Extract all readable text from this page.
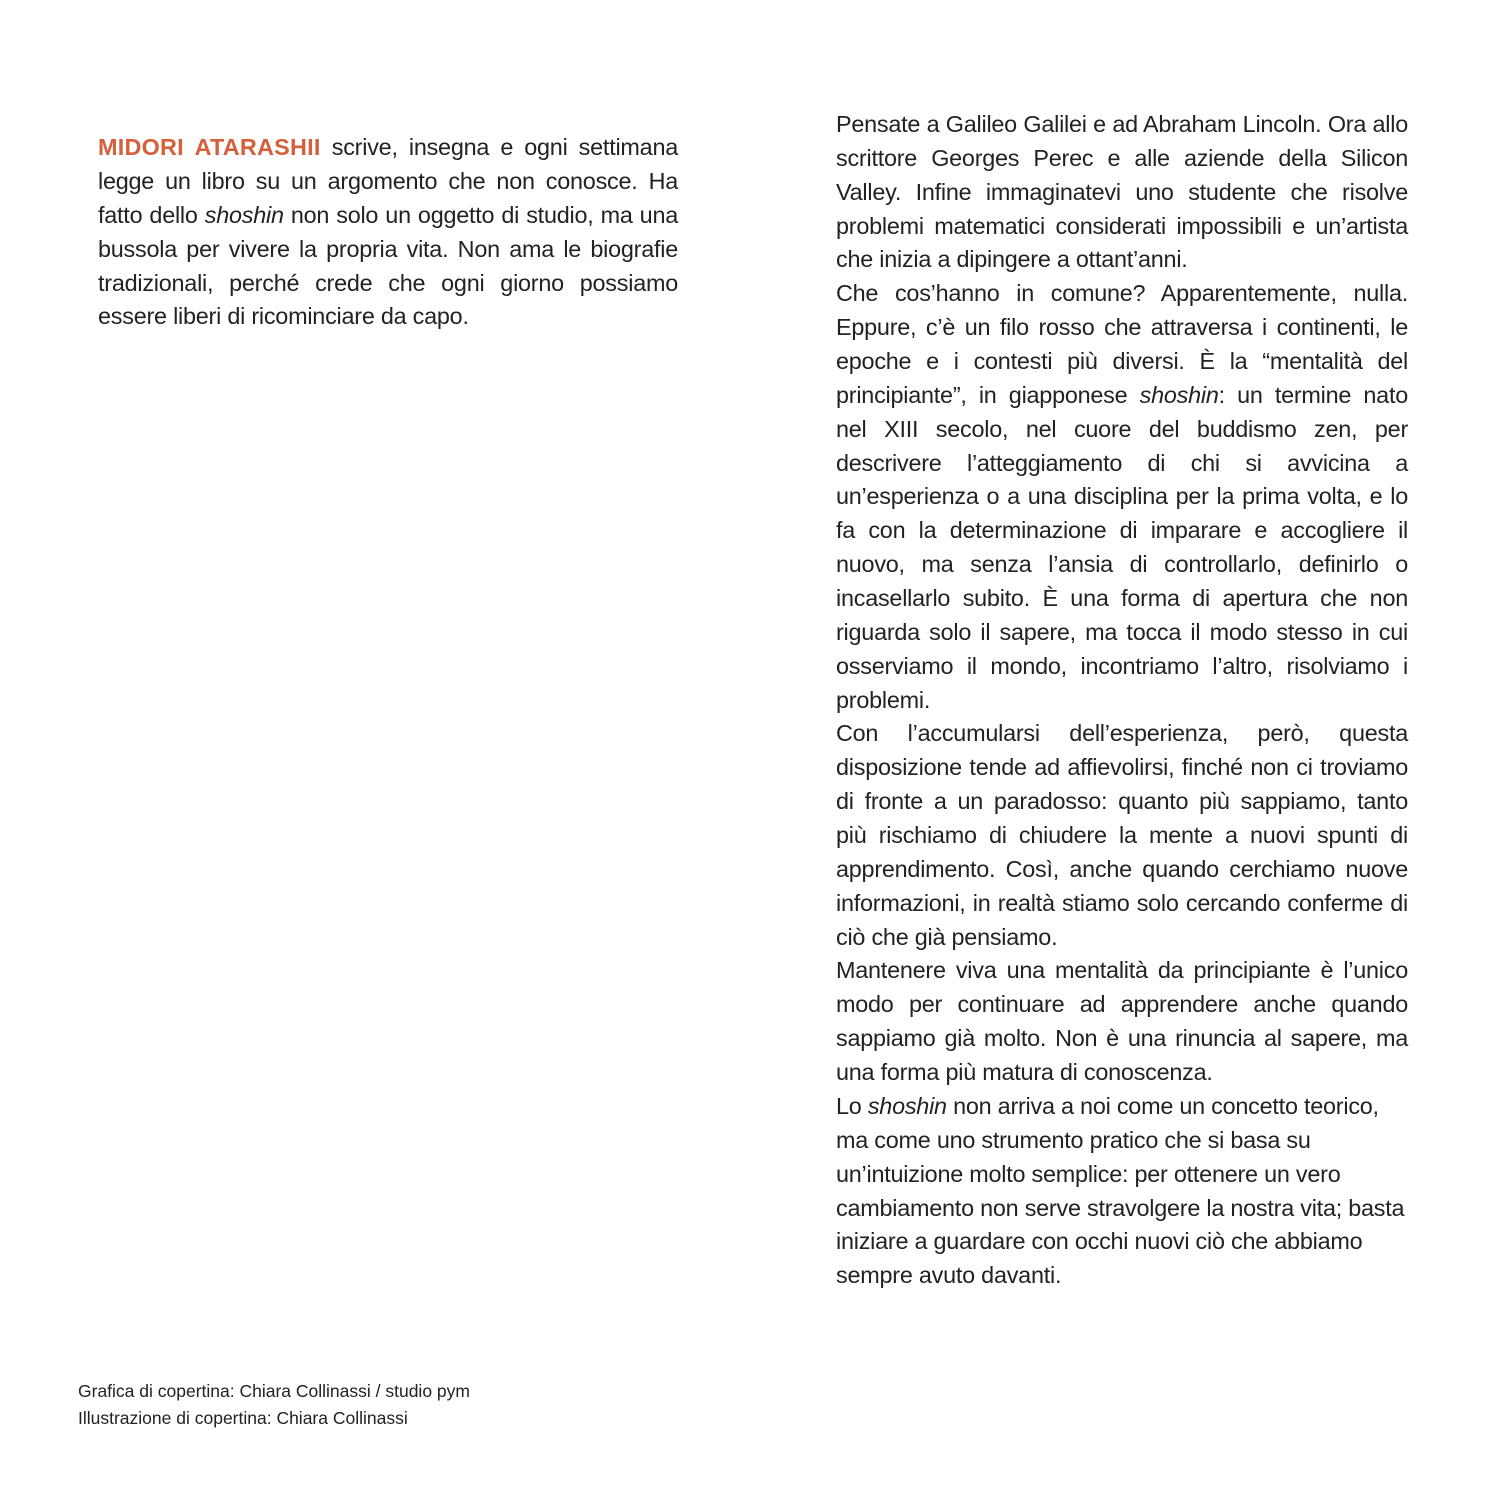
MIDORI ATARASHII scrive, insegna e ogni settimana legge un libro su un argomento che non conosce. Ha fatto dello shoshin non solo un oggetto di studio, ma una bussola per vivere la propria vita. Non ama le biografie tradizionali, perché crede che ogni giorno possiamo essere liberi di ricominciare da capo.

Pensate a Galileo Galilei e ad Abraham Lincoln. Ora allo scrittore Georges Perec e alle aziende della Silicon Valley. Infine immaginatevi uno studente che risolve problemi matematici considerati impossibili e un’artista che inizia a dipingere a ottant’anni.

Che cos’hanno in comune? Apparentemente, nulla. Eppure, c’è un filo rosso che attraversa i continenti, le epoche e i contesti più diversi. È la “mentalità del principiante”, in giapponese shoshin: un termine nato nel XIII secolo, nel cuore del buddismo zen, per descrivere l’atteggiamento di chi si avvicina a un’esperienza o a una disciplina per la prima volta, e lo fa con la determinazione di imparare e accogliere il nuovo, ma senza l’ansia di controllarlo, definirlo o incasellarlo subito. È una forma di apertura che non riguarda solo il sapere, ma tocca il modo stesso in cui osserviamo il mondo, incontriamo l’altro, risolviamo i problemi.

Con l’accumularsi dell’esperienza, però, questa disposizione tende ad affievolirsi, finché non ci troviamo di fronte a un paradosso: quanto più sappiamo, tanto più rischiamo di chiudere la mente a nuovi spunti di apprendimento. Così, anche quando cerchiamo nuove informazioni, in realtà stiamo solo cercando conferme di ciò che già pensiamo.

Mantenere viva una mentalità da principiante è l’unico modo per continuare ad apprendere anche quando sappiamo già molto. Non è una rinuncia al sapere, ma una forma più matura di conoscenza.

Lo shoshin non arriva a noi come un concetto teorico, ma come uno strumento pratico che si basa su un’intuizione molto semplice: per ottenere un vero cambiamento non serve stravolgere la nostra vita; basta iniziare a guardare con occhi nuovi ciò che abbiamo sempre avuto davanti.

Grafica di copertina: Chiara Collinassi / studio pym
Illustrazione di copertina: Chiara Collinassi
